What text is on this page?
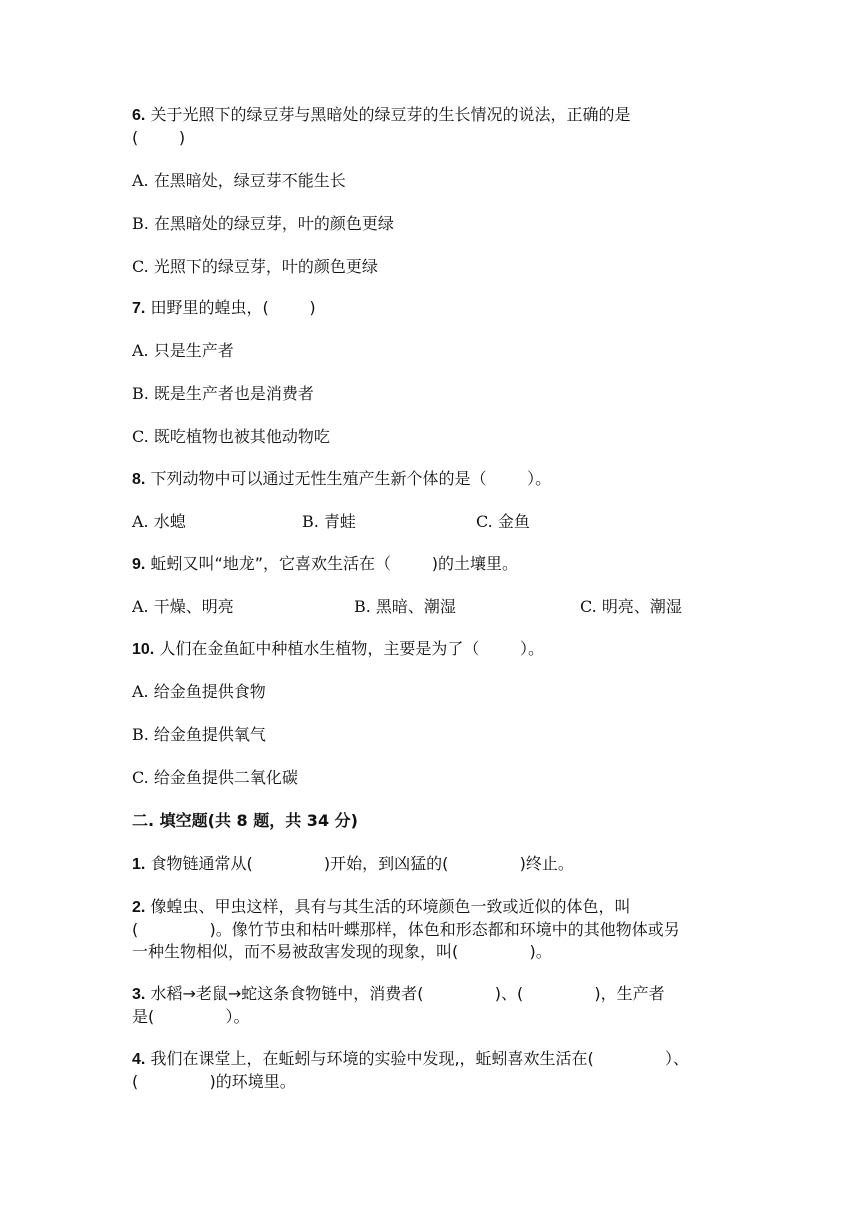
6. 关于光照下的绿豆芽与黑暗处的绿豆芽的生长情况的说法，正确的是
(        )
A. 在黑暗处，绿豆芽不能生长
B. 在黑暗处的绿豆芽，叶的颜色更绿
C. 光照下的绿豆芽，叶的颜色更绿
7. 田野里的蝗虫，(        )
A. 只是生产者
B. 既是生产者也是消费者
C. 既吃植物也被其他动物吃
8. 下列动物中可以通过无性生殖产生新个体的是（        ）。

A. 水螅

	B. 青蛙

	C. 金鱼

9. 蚯蚓又叫“地龙”，它喜欢生活在（        )的土壤里。

A. 干燥、明亮

	B. 黑暗、潮湿

	C. 明亮、潮湿

10. 人们在金鱼缸中种植水生植物，主要是为了（        ）。
A. 给金鱼提供食物
B. 给金鱼提供氧气
C. 给金鱼提供二氧化碳
二. 填空题(共 8 题，共 34 分)
1. 食物链通常从(              )开始，到凶猛的(              )终止。
2. 像蝗虫、甲虫这样，具有与其生活的环境颜色一致或近似的体色，叫
(              )。像竹节虫和枯叶蝶那样，体色和形态都和环境中的其他物体或另
一种生物相似，而不易被敌害发现的现象，叫(              )。
3. 水稻→老鼠→蛇这条食物链中，消费者(              )、(              )，生产者
是(              ）。
4. 我们在课堂上，在蚯蚓与环境的实验中发现,，蚯蚓喜欢生活在(              ）、
(              )的环境里。
